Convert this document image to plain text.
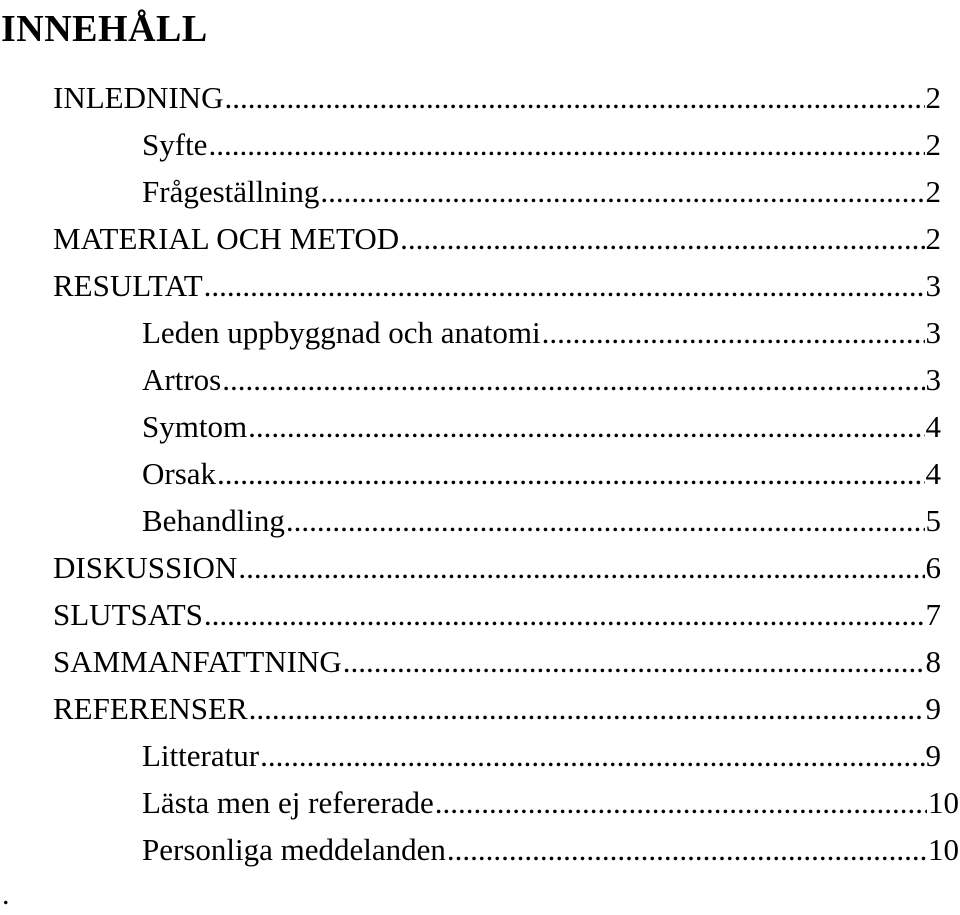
INNEHÅLL
INLEDNING .....	2
Syfte .....	2
Frågeställning .....	2
MATERIAL OCH METOD .....	2
RESULTAT .....	3
Leden uppbyggnad och anatomi .....	3
Artros .....	3
Symtom .....	4
Orsak .....	4
Behandling .....	5
DISKUSSION .....	6
SLUTSATS .....	7
SAMMANFATTNING .....	8
REFERENSER .....	9
Litteratur .....	9
Lästa men ej refererade .....	10
Personliga meddelanden .....	10
.
